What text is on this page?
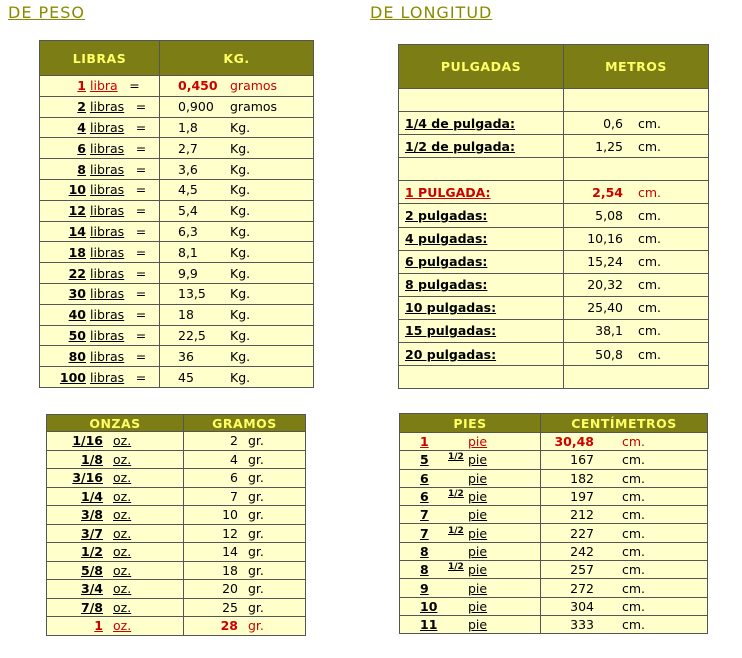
DE PESO	DE LONGITUD
LIBRAS	KG.
1 libra =	0,450 gramos
2 libras =	0,900 gramos
4 libras =	1,8 Kg.
6 libras =	2,7 Kg.
8 libras =	3,6 Kg.
10 libras =	4,5 Kg.
12 libras =	5,4 Kg.
14 libras =	6,3 Kg.
18 libras =	8,1 Kg.
22 libras =	9,9 Kg.
30 libras =	13,5 Kg.
40 libras =	18 Kg.
50 libras =	22,5 Kg.
80 libras =	36 Kg.
100 libras =	45 Kg.
PULGADAS	METROS

1/4 de pulgada:	0,6 cm.
1/2 de pulgada:	1,25 cm.

1 PULGADA:	2,54 cm.
2 pulgadas:	5,08 cm.
4 pulgadas:	10,16 cm.
6 pulgadas:	15,24 cm.
8 pulgadas:	20,32 cm.
10 pulgadas:	25,40 cm.
15 pulgadas:	38,1 cm.
20 pulgadas:	50,8 cm.

ONZAS	GRAMOS
1/16 oz.	2 gr.
1/8 oz.	4 gr.
3/16 oz.	6 gr.
1/4 oz.	7 gr.
3/8 oz.	10 gr.
3/7 oz.	12 gr.
1/2 oz.	14 gr.
5/8 oz.	18 gr.
3/4 oz.	20 gr.
7/8 oz.	25 gr.
1 oz.	28 gr.
PIES	CENTÍMETROS
1 pie	30,48 cm.
5 $^{1/2}$ pie	167 cm.
6 pie	182 cm.
6 $^{1/2}$ pie	197 cm.
7 pie	212 cm.
7 $^{1/2}$ pie	227 cm.
8 pie	242 cm.
8 $^{1/2}$ pie	257 cm.
9 pie	272 cm.
10 pie	304 cm.
11 pie	333 cm.
